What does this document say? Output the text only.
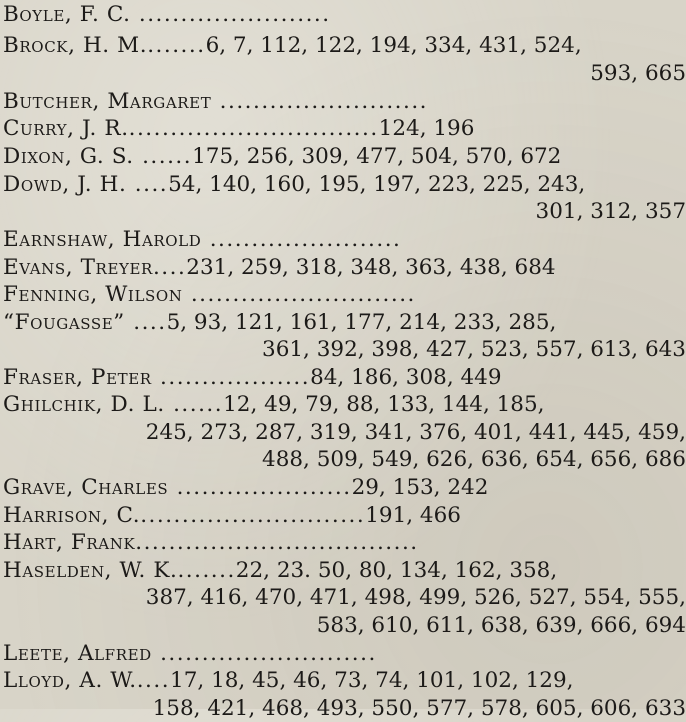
Boyle, F. C. .......................
Brock, H. M........6, 7, 112, 122, 194, 334, 431, 524,
593, 665
Butcher, Margaret .........................
Curry, J. R...............................124, 196
Dixon, G. S. ......175, 256, 309, 477, 504, 570, 672
Dowd, J. H. ....54, 140, 160, 195, 197, 223, 225, 243,
301, 312, 357
Earnshaw, Harold .......................
Evans, Treyer....231, 259, 318, 348, 363, 438, 684
Fenning, Wilson ...........................
“Fougasse” ....5, 93, 121, 161, 177, 214, 233, 285,
361, 392, 398, 427, 523, 557, 613, 643
Fraser, Peter ..................84, 186, 308, 449
Ghilchik, D. L. ......12, 49, 79, 88, 133, 144, 185,
245, 273, 287, 319, 341, 376, 401, 441, 445, 459,
488, 509, 549, 626, 636, 654, 656, 686
Grave, Charles .....................29, 153, 242
Harrison, C............................191, 466
Hart, Frank..................................
Haselden, W. K........22, 23. 50, 80, 134, 162, 358,
387, 416, 470, 471, 498, 499, 526, 527, 554, 555,
583, 610, 611, 638, 639, 666, 694
Leete, Alfred ..........................
Lloyd, A. W.....17, 18, 45, 46, 73, 74, 101, 102, 129,
158, 421, 468, 493, 550, 577, 578, 605, 606, 633
